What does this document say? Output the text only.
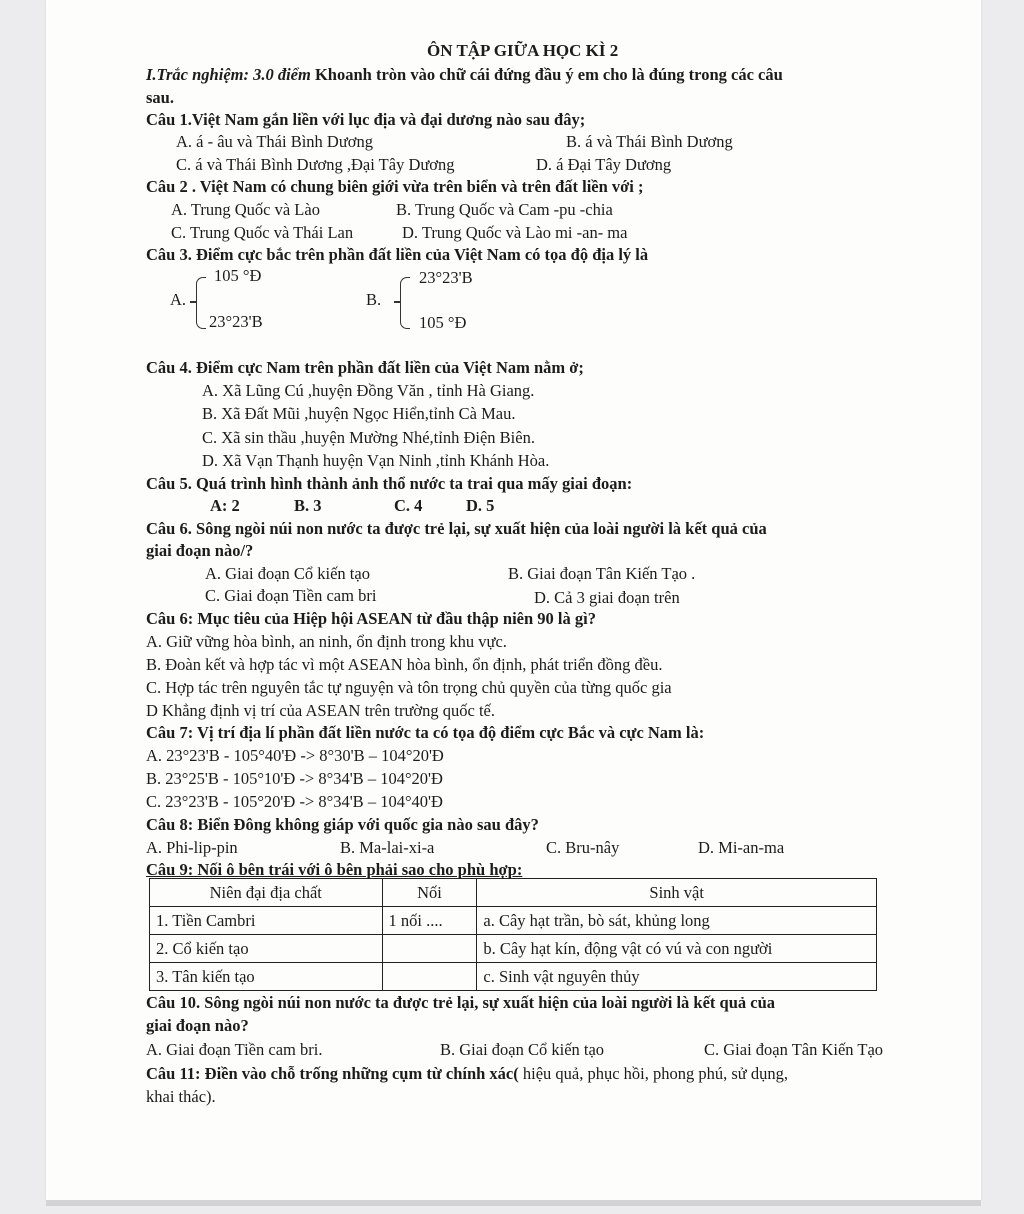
ÔN TẬP GIỮA HỌC KÌ 2
I.Trắc nghiệm: 3.0 điểm Khoanh tròn vào chữ cái đứng đầu ý em cho là đúng trong các câu
sau.
Câu 1.Việt Nam gắn liền với lục địa và đại dương nào sau đây;
A. á - âu và Thái Bình Dương	B. á và Thái Bình Dương
C. á và Thái Bình Dương ,Đại Tây Dương	D. á Đại Tây Dương
Câu 2 . Việt Nam có chung biên giới vừa trên biển và trên đất liền với ;
A. Trung Quốc và Lào	B. Trung Quốc và Cam -pu -chia
C. Trung Quốc và Thái Lan	D. Trung Quốc và Lào mi -an- ma
Câu 3. Điểm cực bắc trên phần đất liền của Việt Nam có tọa độ địa lý là
A.
105 °Đ
23°23'B
B.
23°23'B
105 °Đ
Câu 4. Điểm cực Nam trên phần đất liền của Việt Nam nằm ở;
A. Xã Lũng Cú ,huyện Đồng Văn , tỉnh Hà Giang.
B. Xã Đất Mũi ,huyện Ngọc Hiển,tỉnh Cà Mau.
C. Xã sin thầu ,huyện Mường Nhé,tỉnh Điện Biên.
D. Xã Vạn Thạnh huyện Vạn Ninh ,tỉnh Khánh Hòa.
Câu 5. Quá trình hình thành ảnh thổ nước ta trai qua mấy giai đoạn:
A: 2	B. 3	C. 4	D. 5
Câu 6. Sông ngòi núi non nước ta được trẻ lại, sự xuất hiện của loài người là kết quả của
giai đoạn nào/?
A. Giai đoạn Cổ kiến tạo	B. Giai đoạn Tân Kiến Tạo .
C. Giai đoạn Tiền cam bri	D. Cả 3 giai đoạn trên
Câu 6: Mục tiêu của Hiệp hội ASEAN từ đầu thập niên 90 là gì?
A. Giữ vững hòa bình, an ninh, ổn định trong khu vực.
B. Đoàn kết và hợp tác vì một ASEAN hòa bình, ổn định, phát triển đồng đều.
C. Hợp tác trên nguyên tắc tự nguyện và tôn trọng chủ quyền của từng quốc gia
D Khẳng định vị trí của ASEAN trên trường quốc tế.
Câu 7: Vị trí địa lí phần đất liền nước ta có tọa độ điểm cực Bắc và cực Nam là:
A. 23°23'B - 105°40'Đ -> 8°30'B – 104°20'Đ
B. 23°25'B - 105°10'Đ -> 8°34'B – 104°20'Đ
C. 23°23'B - 105°20'Đ -> 8°34'B – 104°40'Đ
Câu 8: Biển Đông không giáp với quốc gia nào sau đây?
A. Phi-lip-pin	B. Ma-lai-xi-a	C. Bru-nây	D. Mi-an-ma
Câu 9: Nối ô bên trái với ô bên phải sao cho phù hợp:
Niên đại địa chất	Nối	Sinh vật
1. Tiền Cambri	1 nối ....	a. Cây hạt trần, bò sát, khủng long
2. Cổ kiến tạo		b. Cây hạt kín, động vật có vú và con người
3. Tân kiến tạo		c. Sinh vật nguyên thủy
Câu 10. Sông ngòi núi non nước ta được trẻ lại, sự xuất hiện của loài người là kết quả của
giai đoạn nào?
A. Giai đoạn Tiền cam bri.	B. Giai đoạn Cổ kiến tạo	C. Giai đoạn Tân Kiến Tạo
Câu 11: Điền vào chỗ trống những cụm từ chính xác( hiệu quả, phục hồi, phong phú, sử dụng,
khai thác).
